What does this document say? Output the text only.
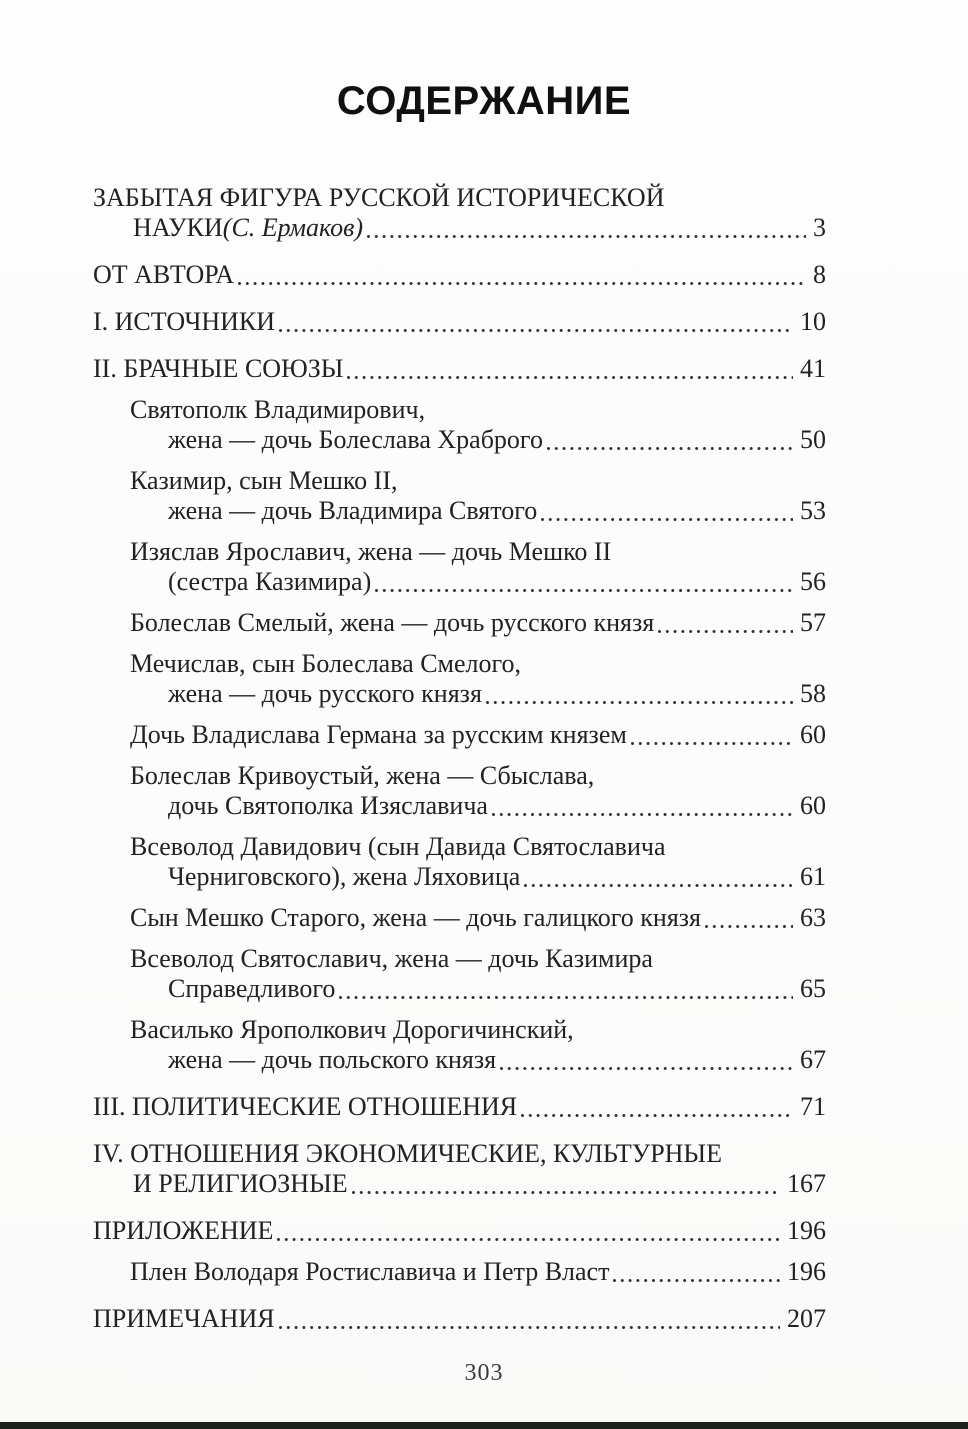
СОДЕРЖАНИЕ
ЗАБЫТАЯ ФИГУРА РУССКОЙ ИСТОРИЧЕСКОЙ
НАУКИ (С. Ермаков)	3
ОТ АВТОРА	8
I. ИСТОЧНИКИ	10
II. БРАЧНЫЕ СОЮЗЫ	41
Святополк Владимирович,
жена — дочь Болеслава Храброго	50
Казимир, сын Мешко II,
жена — дочь Владимира Святого	53
Изяслав Ярославич, жена — дочь Мешко II
(сестра Казимира)	56
Болеслав Смелый, жена — дочь русского князя	57
Мечислав, сын Болеслава Смелого,
жена — дочь русского князя	58
Дочь Владислава Германа за русским князем	60
Болеслав Кривоустый, жена — Сбыслава,
дочь Святополка Изяславича	60
Всеволод Давидович (сын Давида Святославича
Черниговского), жена Ляховица	61
Сын Мешко Старого, жена — дочь галицкого князя	63
Всеволод Святославич, жена — дочь Казимира
Справедливого	65
Василько Ярополкович Дорогичинский,
жена — дочь польского князя	67
III. ПОЛИТИЧЕСКИЕ ОТНОШЕНИЯ	71
IV. ОТНОШЕНИЯ ЭКОНОМИЧЕСКИЕ, КУЛЬТУРНЫЕ
И РЕЛИГИОЗНЫЕ	167
ПРИЛОЖЕНИЕ	196
Плен Володаря Ростиславича и Петр Власт	196
ПРИМЕЧАНИЯ	207
303
